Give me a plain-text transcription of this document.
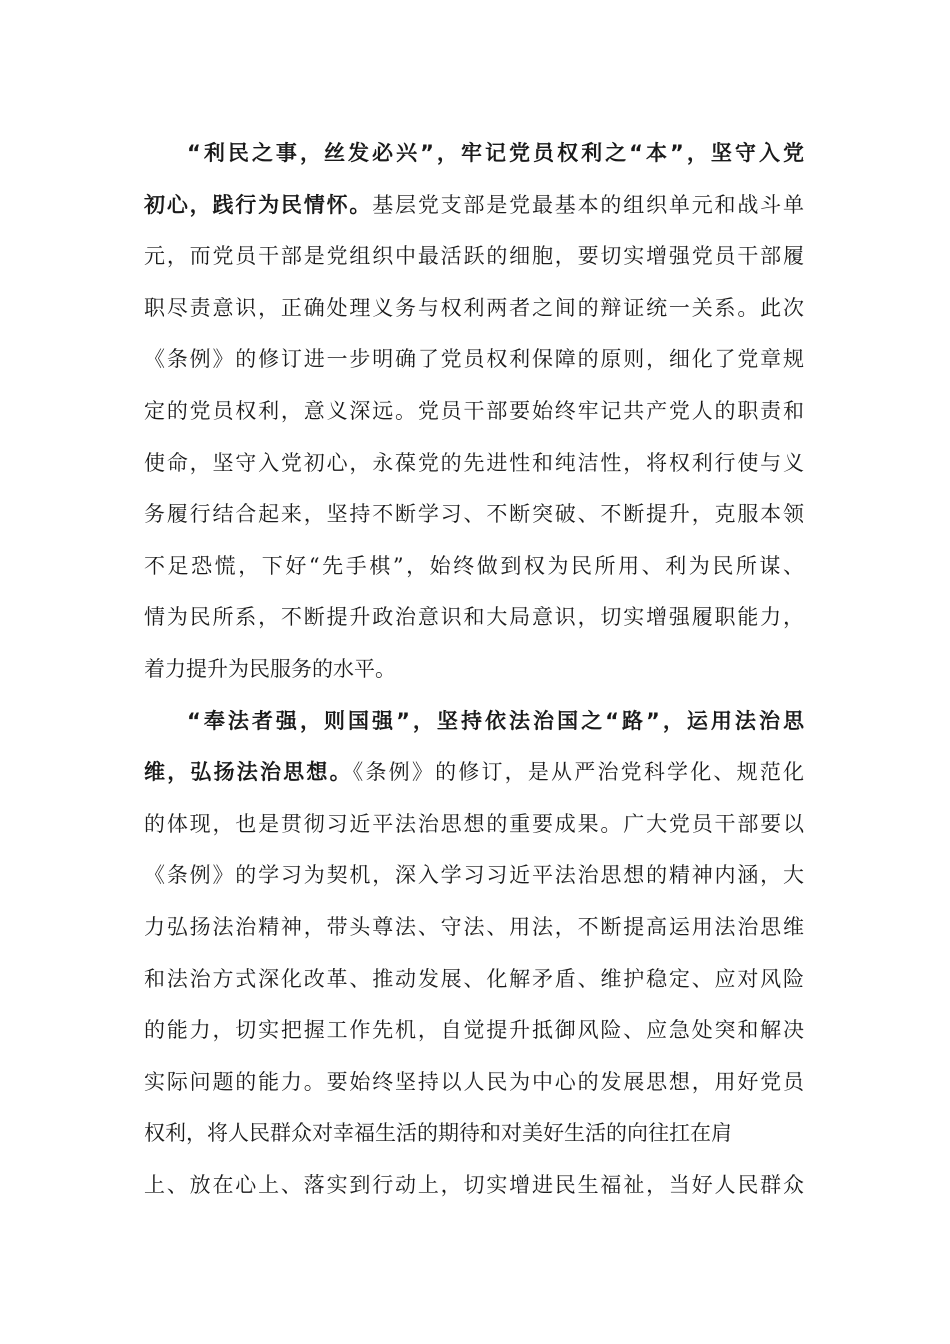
“利民之事，丝发必兴”，牢记党员权利之“本”，坚守入党
初心，践行为民情怀。基层党支部是党最基本的组织单元和战斗单
元，而党员干部是党组织中最活跃的细胞，要切实增强党员干部履
职尽责意识，正确处理义务与权利两者之间的辩证统一关系。此次
《条例》的修订进一步明确了党员权利保障的原则，细化了党章规
定的党员权利，意义深远。党员干部要始终牢记共产党人的职责和
使命，坚守入党初心，永葆党的先进性和纯洁性，将权利行使与义
务履行结合起来，坚持不断学习、不断突破、不断提升，克服本领
不足恐慌，下好“先手棋”，始终做到权为民所用、利为民所谋、
情为民所系，不断提升政治意识和大局意识，切实增强履职能力，
着力提升为民服务的水平。
“奉法者强，则国强”，坚持依法治国之“路”，运用法治思
维，弘扬法治思想。《条例》的修订，是从严治党科学化、规范化
的体现，也是贯彻习近平法治思想的重要成果。广大党员干部要以
《条例》的学习为契机，深入学习习近平法治思想的精神内涵，大
力弘扬法治精神，带头尊法、守法、用法，不断提高运用法治思维
和法治方式深化改革、推动发展、化解矛盾、维护稳定、应对风险
的能力，切实把握工作先机，自觉提升抵御风险、应急处突和解决
实际问题的能力。要始终坚持以人民为中心的发展思想，用好党员
权利，将人民群众对幸福生活的期待和对美好生活的向往扛在肩
上、放在心上、落实到行动上，切实增进民生福祉，当好人民群众
